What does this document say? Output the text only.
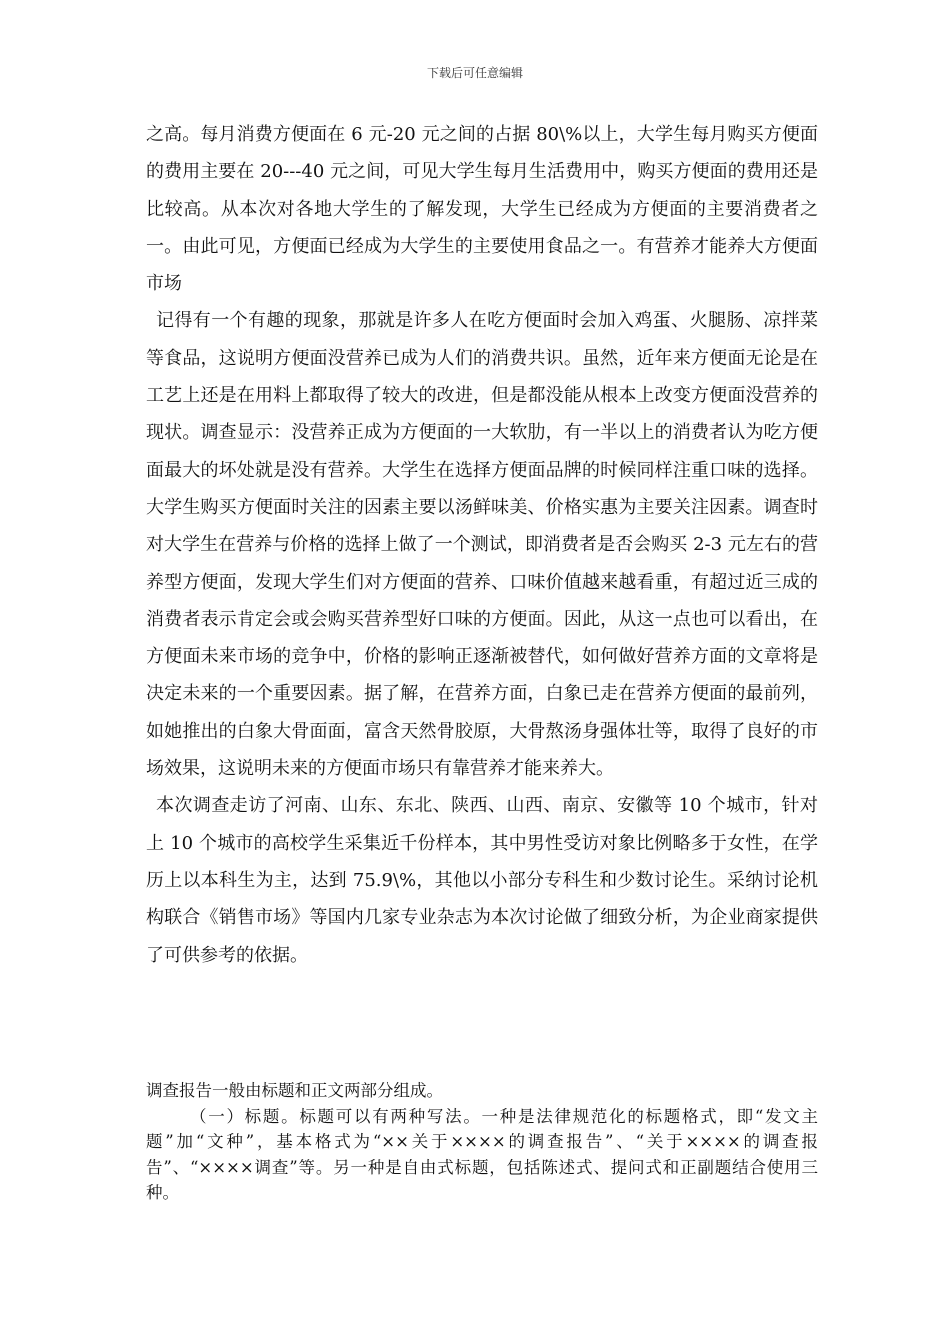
下载后可任意编辑

之高。每月消费方便面在 6 元-20 元之间的占据 80\%以上，大学生每月购买方便面的费用主要在 20---40 元之间，可见大学生每月生活费用中，购买方便面的费用还是比较高。从本次对各地大学生的了解发现，大学生已经成为方便面的主要消费者之一。由此可见，方便面已经成为大学生的主要使用食品之一。有营养才能养大方便面市场

记得有一个有趣的现象，那就是许多人在吃方便面时会加入鸡蛋、火腿肠、凉拌菜等食品，这说明方便面没营养已成为人们的消费共识。虽然，近年来方便面无论是在工艺上还是在用料上都取得了较大的改进，但是都没能从根本上改变方便面没营养的现状。调查显示：没营养正成为方便面的一大软肋，有一半以上的消费者认为吃方便面最大的坏处就是没有营养。大学生在选择方便面品牌的时候同样注重口味的选择。大学生购买方便面时关注的因素主要以汤鲜味美、价格实惠为主要关注因素。调查时对大学生在营养与价格的选择上做了一个测试，即消费者是否会购买 2-3 元左右的营养型方便面，发现大学生们对方便面的营养、口味价值越来越看重，有超过近三成的消费者表示肯定会或会购买营养型好口味的方便面。因此，从这一点也可以看出，在方便面未来市场的竞争中，价格的影响正逐渐被替代，如何做好营养方面的文章将是决定未来的一个重要因素。据了解，在营养方面，白象已走在营养方便面的最前列，如她推出的白象大骨面面，富含天然骨胶原，大骨熬汤身强体壮等，取得了良好的市场效果，这说明未来的方便面市场只有靠营养才能来养大。

本次调查走访了河南、山东、东北、陕西、山西、南京、安徽等 10 个城市，针对上 10 个城市的高校学生采集近千份样本，其中男性受访对象比例略多于女性，在学历上以本科生为主，达到 75.9\%，其他以小部分专科生和少数讨论生。采纳讨论机构联合《销售市场》等国内几家专业杂志为本次讨论做了细致分析，为企业商家提供了可供参考的依据。

调查报告一般由标题和正文两部分组成。

（一）标题。标题可以有两种写法。一种是法律规范化的标题格式，即“发文主题”加“文种”，基本格式为“××关于××××的调查报告”、“关于××××的调查报告”、“××××调查”等。另一种是自由式标题，包括陈述式、提问式和正副题结合使用三种。
